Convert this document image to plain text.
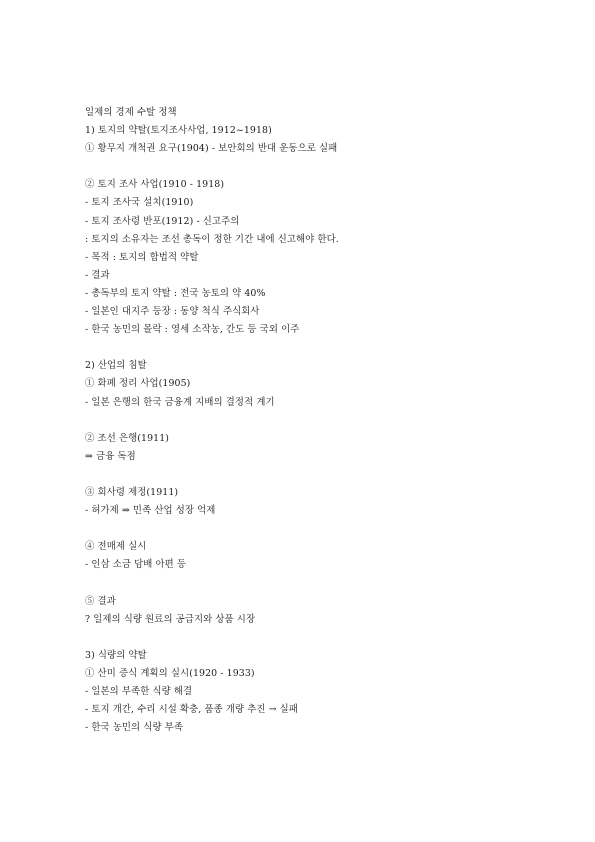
일제의 경제 수탈 정책
1) 토지의 약탈(토지조사사업, 1912~1918)
① 황무지 개척권 요구(1904) - 보안회의 반대 운동으로 실패
② 토지 조사 사업(1910 - 1918)
- 토지 조사국 설치(1910)
- 토지 조사령 반포(1912) - 신고주의
: 토지의 소유자는 조선 총독이 정한 기간 내에 신고해야 한다.
- 목적 : 토지의 합법적 약탈
- 결과
- 총독부의 토지 약탈 : 전국 농토의 약 40%
- 일본인 대지주 등장 : 동양 척식 주식회사
- 한국 농민의 몰락 : 영세 소작농, 간도 등 국외 이주
2) 산업의 침탈
① 화폐 정리 사업(1905)
- 일본 은행의 한국 금융계 지배의 결정적 계기
② 조선 은행(1911)
⇒ 금융 독점
③ 회사령 제정(1911)
- 허가제 ⇒ 민족 산업 성장 억제
④ 전매제 실시
- 인삼 소금 담배 아편 등
⑤ 결과
? 일제의 식량 원료의 공급지와 상품 시장
3) 식량의 약탈
① 산미 증식 계획의 실시(1920 - 1933)
- 일본의 부족한 식량 해결
- 토지 개간, 수리 시설 확충, 품종 개량 추진 → 실패
- 한국 농민의 식량 부족
